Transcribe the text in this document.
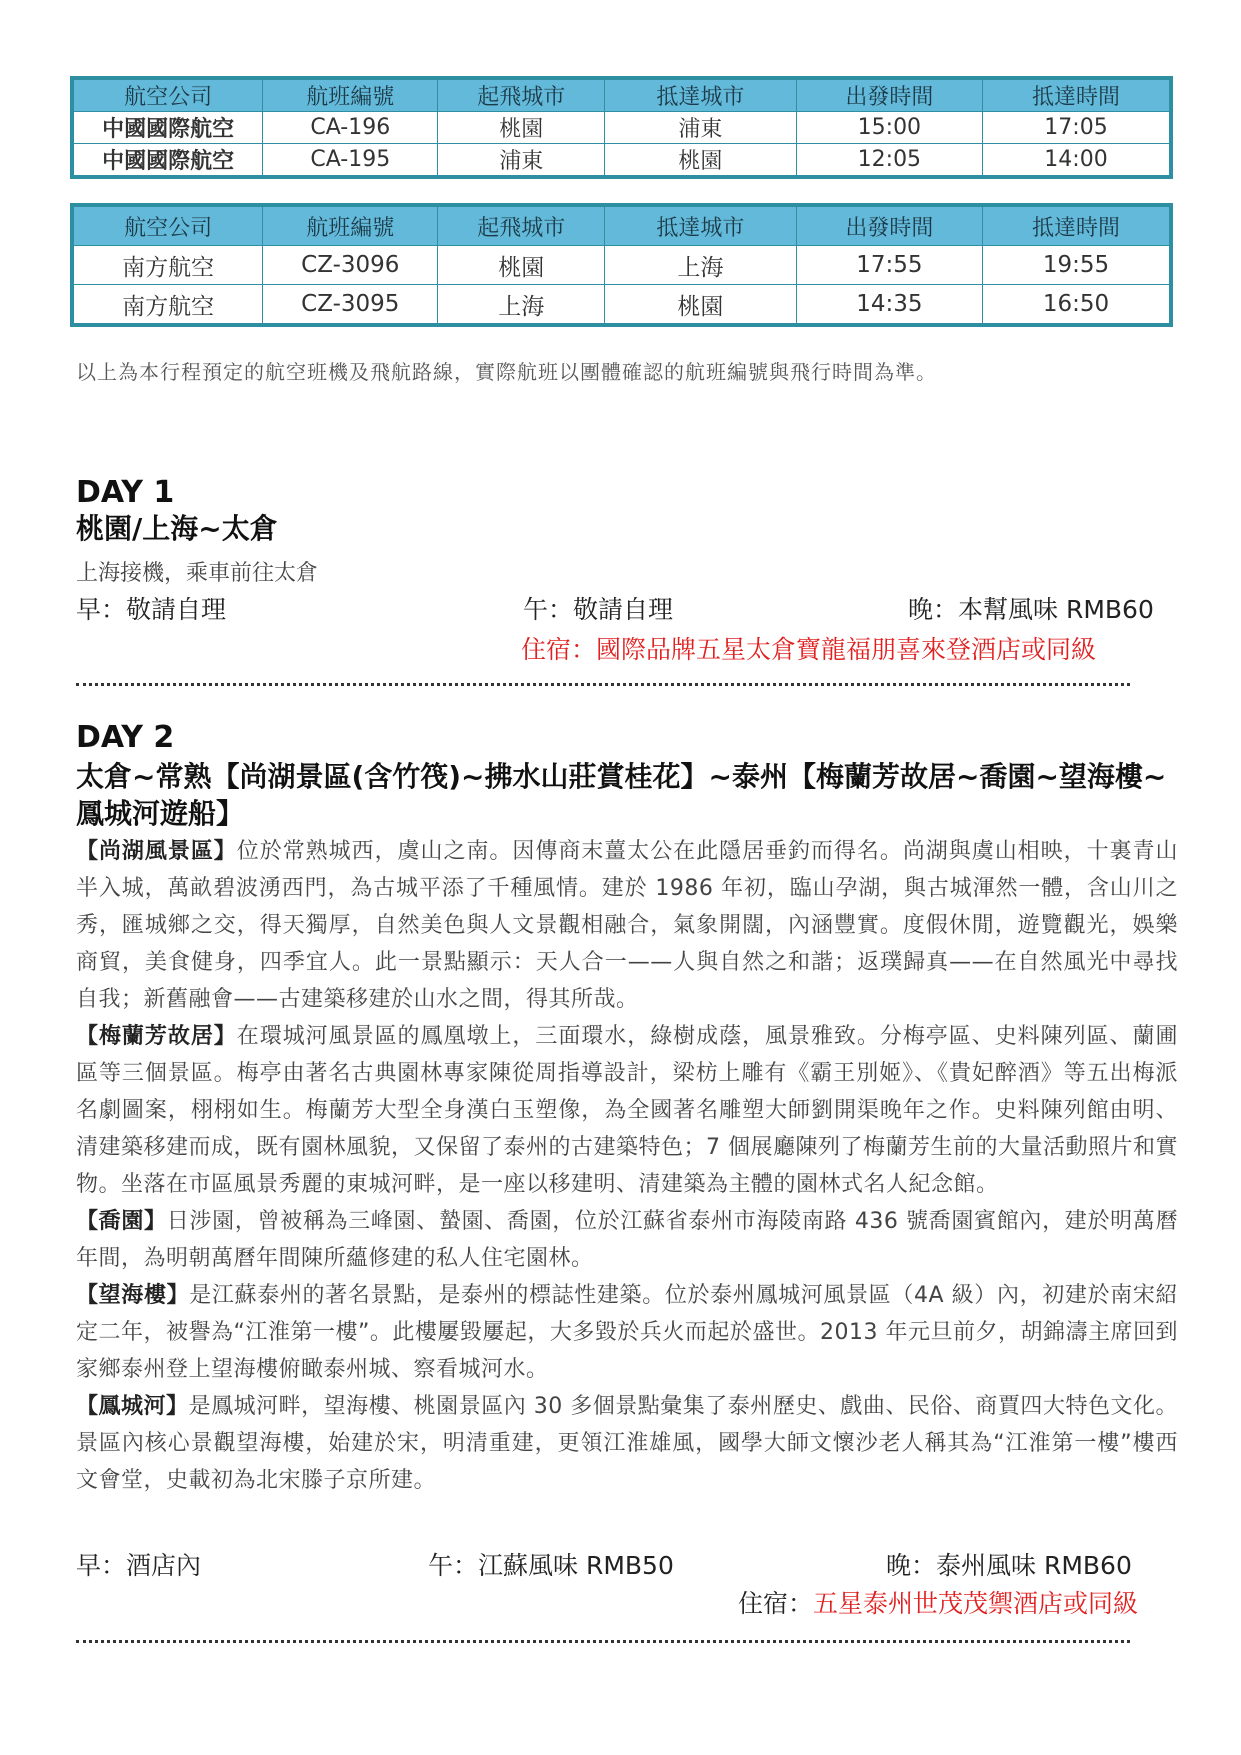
航空公司	航班編號	起飛城市	抵達城市	出發時間	抵達時間
中國國際航空	CA-196	桃園	浦東	15:00	17:05
中國國際航空	CA-195	浦東	桃園	12:05	14:00
航空公司	航班編號	起飛城市	抵達城市	出發時間	抵達時間
南方航空	CZ-3096	桃園	上海	17:55	19:55
南方航空	CZ-3095	上海	桃園	14:35	16:50
以上為本行程預定的航空班機及飛航路線，實際航班以團體確認的航班編號與飛行時間為準。
DAY 1
桃園/上海~太倉
上海接機，乘車前往太倉
早：敬請自理	午：敬請自理	晚：本幫風味 RMB60
住宿：國際品牌五星太倉寶龍福朋喜來登酒店或同級
DAY 2
太倉~常熟【尚湖景區(含竹筏)~拂水山莊賞桂花】~泰州【梅蘭芳故居~喬園~望海樓~鳳城河遊船】

【尚湖風景區】位於常熟城西，虞山之南。因傳商末薑太公在此隱居垂釣而得名。尚湖與虞山相映，十裏青山半入城，萬畝碧波湧西門，為古城平添了千種風情。建於 1986 年初，臨山孕湖，與古城渾然一體，含山川之秀，匯城鄉之交，得天獨厚，自然美色與人文景觀相融合，氣象開闊，內涵豐實。度假休閒，遊覽觀光，娛樂商貿，美食健身，四季宜人。此一景點顯示：天人合一——人與自然之和諧；返璞歸真——在自然風光中尋找自我；新舊融會——古建築移建於山水之間，得其所哉。

【梅蘭芳故居】在環城河風景區的鳳凰墩上，三面環水，綠樹成蔭，風景雅致。分梅亭區、史料陳列區、蘭圃區等三個景區。梅亭由著名古典園林專家陳從周指導設計，梁枋上雕有《霸王別姬》、《貴妃醉酒》等五出梅派名劇圖案，栩栩如生。梅蘭芳大型全身漢白玉塑像，為全國著名雕塑大師劉開渠晚年之作。史料陳列館由明、清建築移建而成，既有園林風貌，又保留了泰州的古建築特色；7 個展廳陳列了梅蘭芳生前的大量活動照片和實物。坐落在市區風景秀麗的東城河畔，是一座以移建明、清建築為主體的園林式名人紀念館。

【喬園】日涉園，曾被稱為三峰園、蟄園、喬園，位於江蘇省泰州市海陵南路 436 號喬園賓館內，建於明萬曆年間，為明朝萬曆年間陳所蘊修建的私人住宅園林。

【望海樓】是江蘇泰州的著名景點，是泰州的標誌性建築。位於泰州鳳城河風景區（4A 級）內，初建於南宋紹定二年，被譽為“江淮第一樓”。此樓屢毀屢起，大多毀於兵火而起於盛世。2013 年元旦前夕，胡錦濤主席回到家鄉泰州登上望海樓俯瞰泰州城、察看城河水。

【鳳城河】是鳳城河畔，望海樓、桃園景區內 30 多個景點彙集了泰州歷史、戲曲、民俗、商賈四大特色文化。景區內核心景觀望海樓，始建於宋，明清重建，更領江淮雄風，國學大師文懷沙老人稱其為“江淮第一樓”樓西文會堂，史載初為北宋滕子京所建。

早：酒店內	午：江蘇風味 RMB50	晚：泰州風味 RMB60
住宿：五星泰州世茂茂禦酒店或同級
